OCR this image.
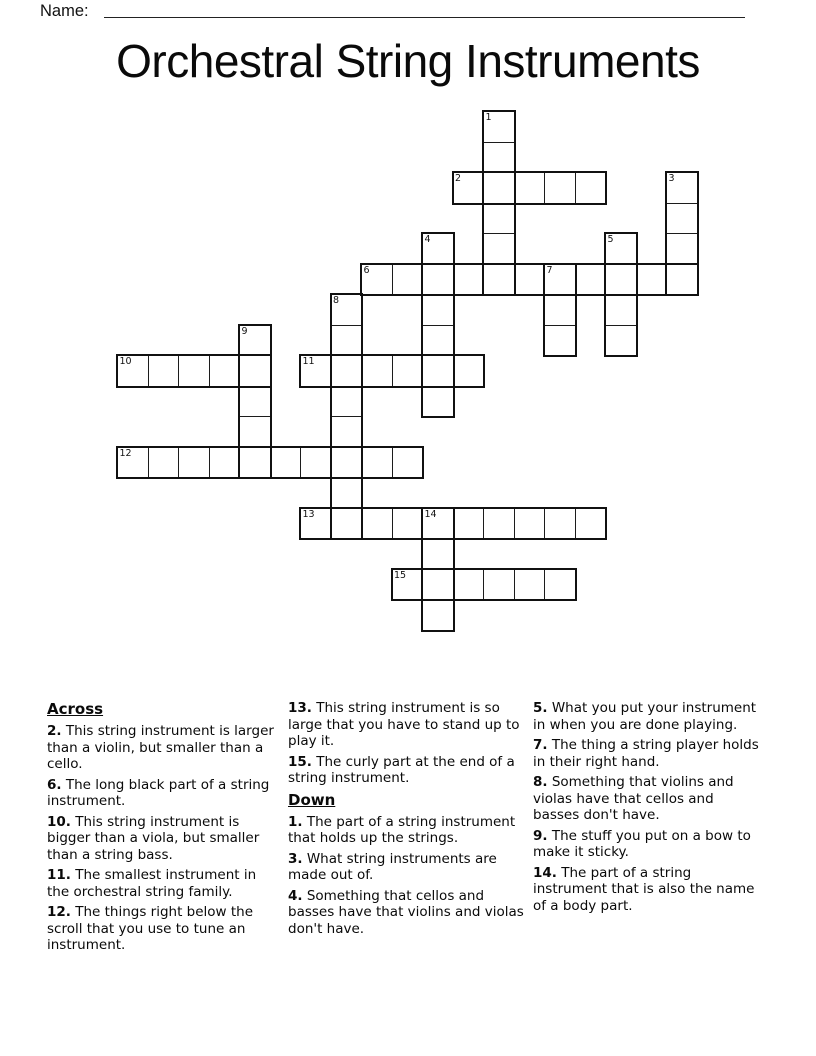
Name:
Orchestral String Instruments
1
2	3
4	5
6	7
8
9
10	11
12
13	14
15
Across
2. This string instrument is larger than a violin, but smaller than a cello.
6. The long black part of a string instrument.
10. This string instrument is bigger than a viola, but smaller than a string bass.
11. The smallest instrument in the orchestral string family.
12. The things right below the scroll that you use to tune an instrument.
13. This string instrument is so large that you have to stand up to play it.
15. The curly part at the end of a string instrument.
Down
1. The part of a string instrument that holds up the strings.
3. What string instruments are made out of.
4. Something that cellos and basses have that violins and violas don't have.
5. What you put your instrument in when you are done playing.
7. The thing a string player holds in their right hand.
8. Something that violins and violas have that cellos and basses don't have.
9. The stuff you put on a bow to make it sticky.
14. The part of a string instrument that is also the name of a body part.
